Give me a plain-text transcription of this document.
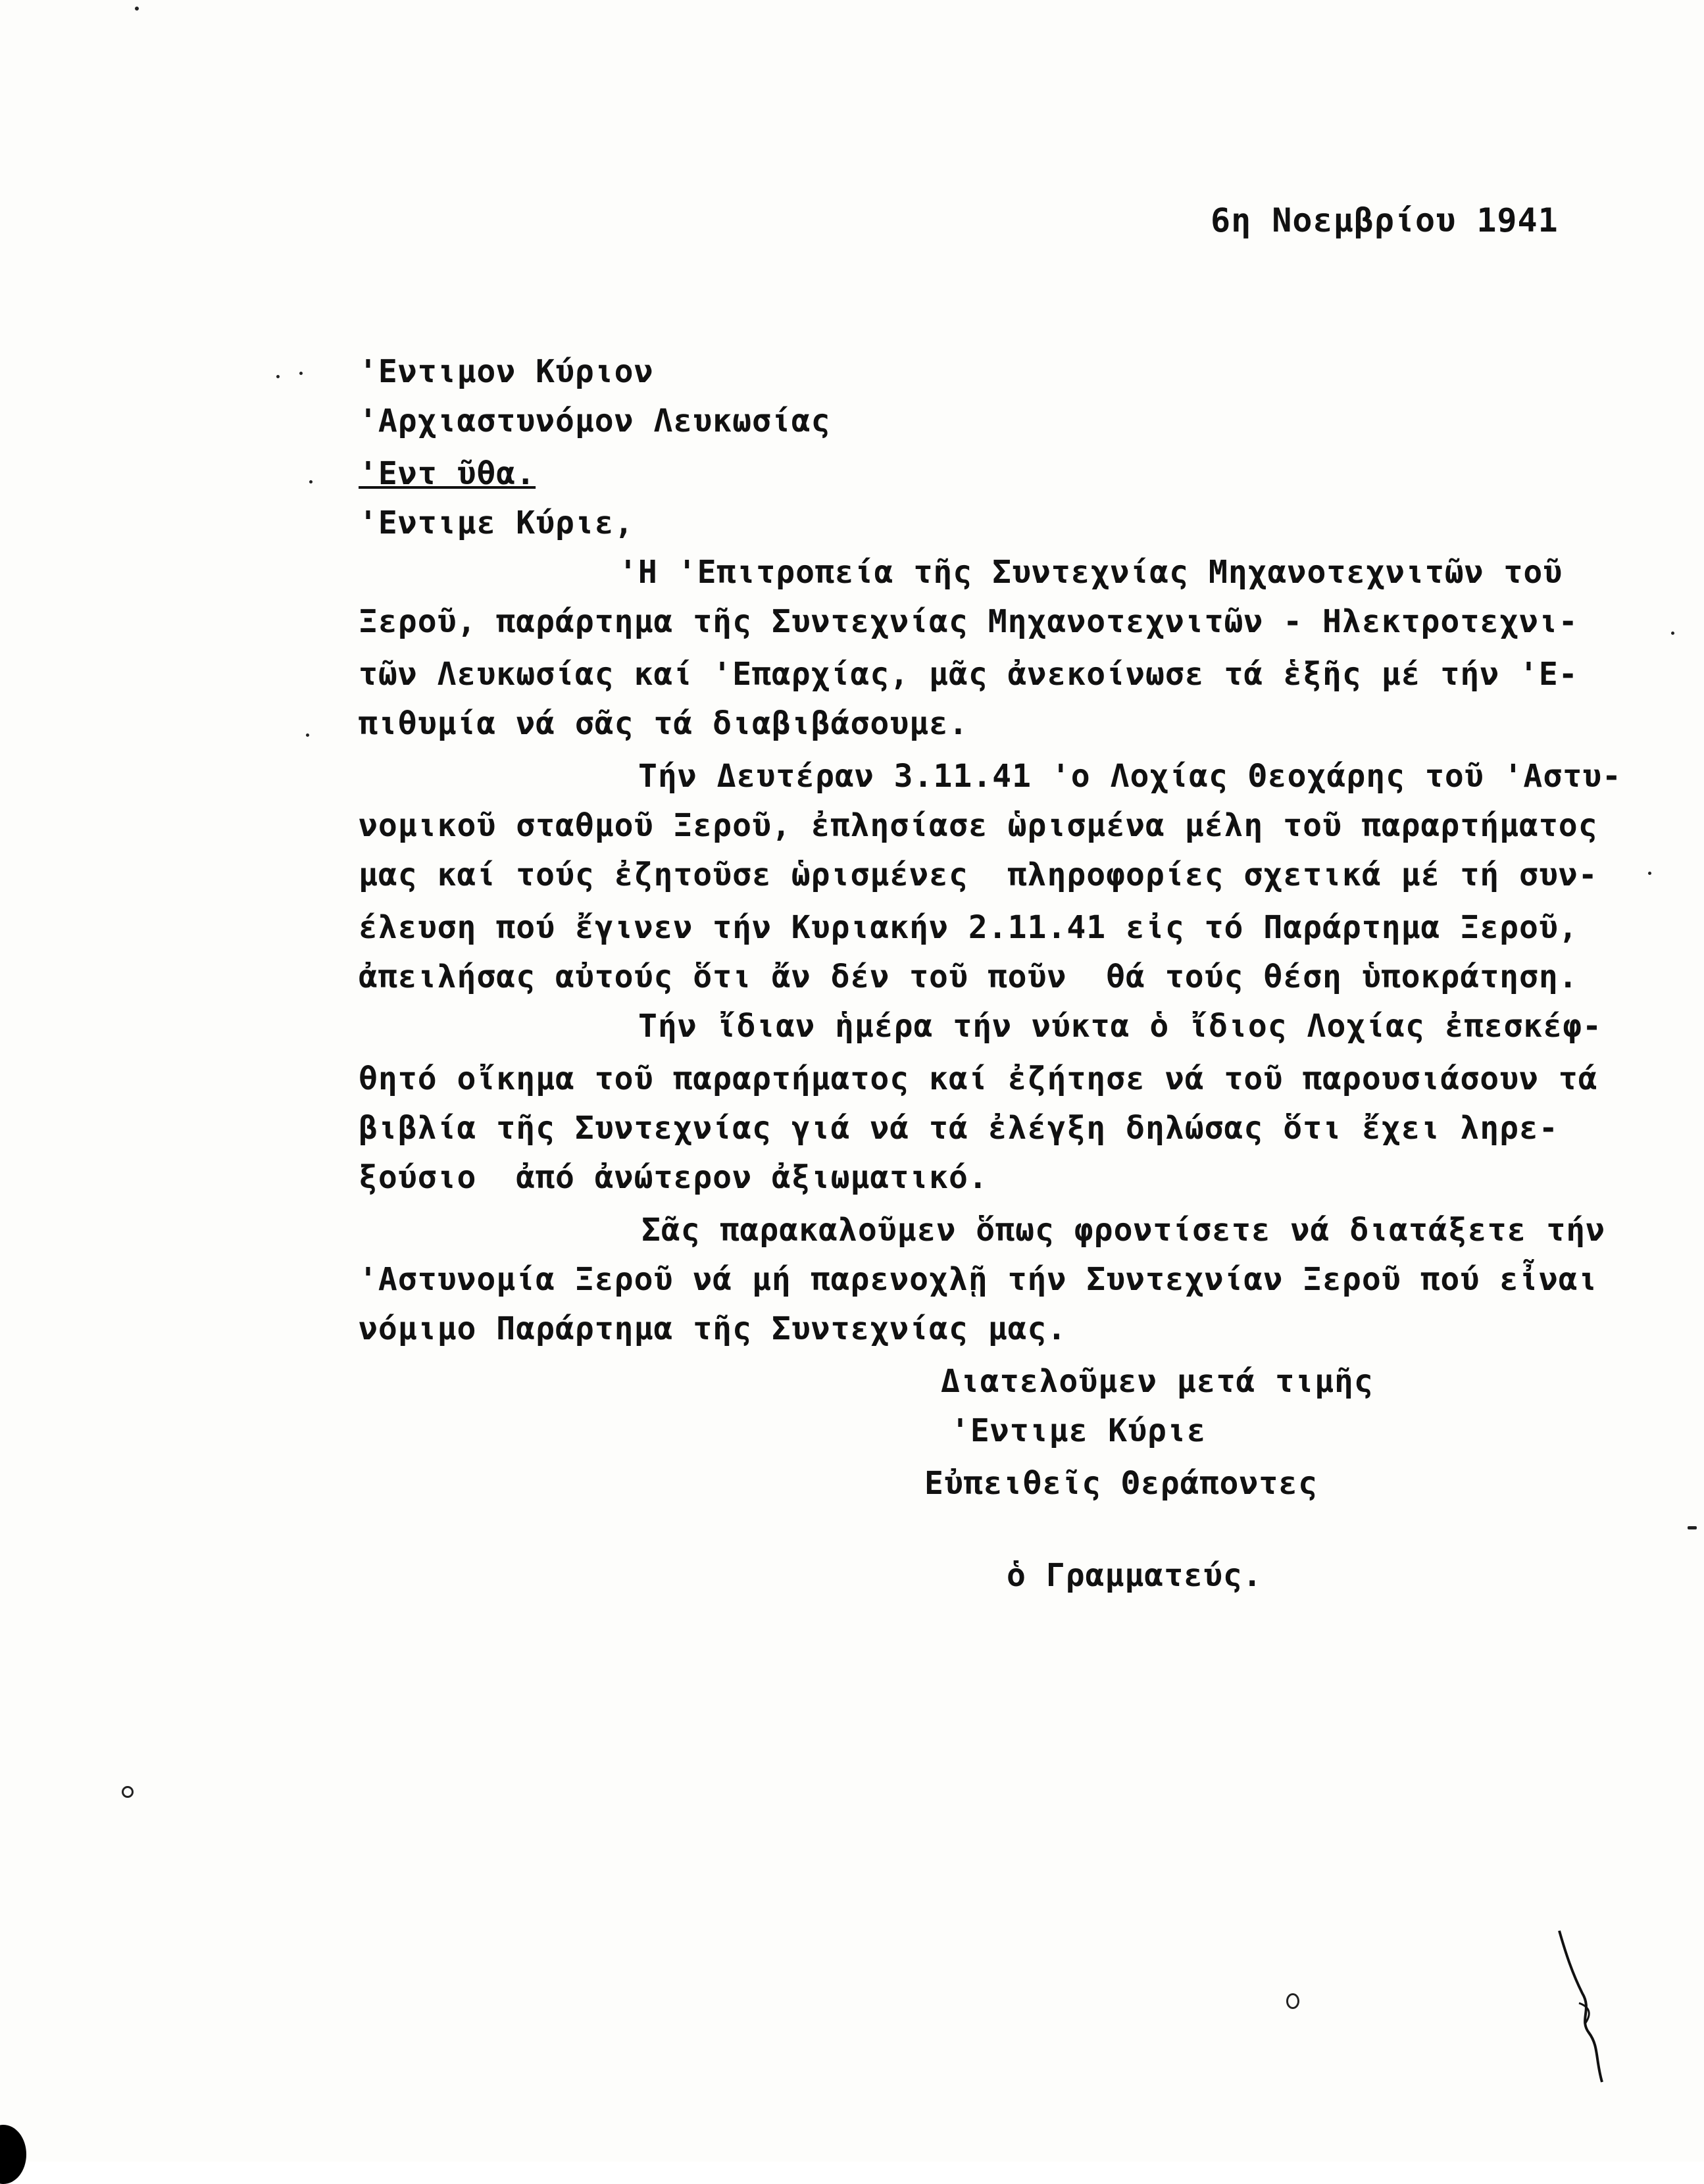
6η Νοεμβρίου 1941
'Εντιμον Κύριον
'Αρχιαστυνόμον Λευκωσίας
'Εντ ῦθα.
'Εντιμε Κύριε,
'Η 'Επιτροπεία τῆς Συντεχνίας Μηχανοτεχνιτῶν τοῦ
Ξεροῦ, παράρτημα τῆς Συντεχνίας Μηχανοτεχνιτῶν - Ηλεκτροτεχνι-
τῶν Λευκωσίας καί 'Επαρχίας, μᾶς ἀνεκοίνωσε τά ἑξῆς μέ τήν 'Ε-
πιθυμία νά σᾶς τά διαβιβάσουμε.
Τήν Δευτέραν 3.11.41 'ο Λοχίας Θεοχάρης τοῦ 'Αστυ-
νομικοῦ σταθμοῦ Ξεροῦ, ἐπλησίασε ὡρισμένα μέλη τοῦ παραρτήματος
μας καί τούς ἐζητοῦσε ὡρισμένες  πληροφορίες σχετικά μέ τή συν-
έλευση πού ἔγινεν τήν Κυριακήν 2.11.41 εἰς τό Παράρτημα Ξεροῦ,
ἀπειλήσας αὐτούς ὅτι ἄν δέν τοῦ ποῦν  θά τούς θέση ὑποκράτηση.
Τήν ἴδιαν ἡμέρα τήν νύκτα ὁ ἴδιος Λοχίας ἐπεσκέφ-
θητό οἴκημα τοῦ παραρτήματος καί ἐζήτησε νά τοῦ παρουσιάσουν τά
βιβλία τῆς Συντεχνίας γιά νά τά ἐλέγξη δηλώσας ὅτι ἔχει ληρε-
ξούσιο  ἀπό ἀνώτερον ἀξιωματικό.
Σᾶς παρακαλοῦμεν ὅπως φροντίσετε νά διατάξετε τήν
'Αστυνομία Ξεροῦ νά μή παρενοχλῇ τήν Συντεχνίαν Ξεροῦ πού εἶναι
νόμιμο Παράρτημα τῆς Συντεχνίας μας.
Διατελοῦμεν μετά τιμῆς
'Εντιμε Κύριε
Εὐπειθεῖς Θεράποντες
ὁ Γραμματεύς.
